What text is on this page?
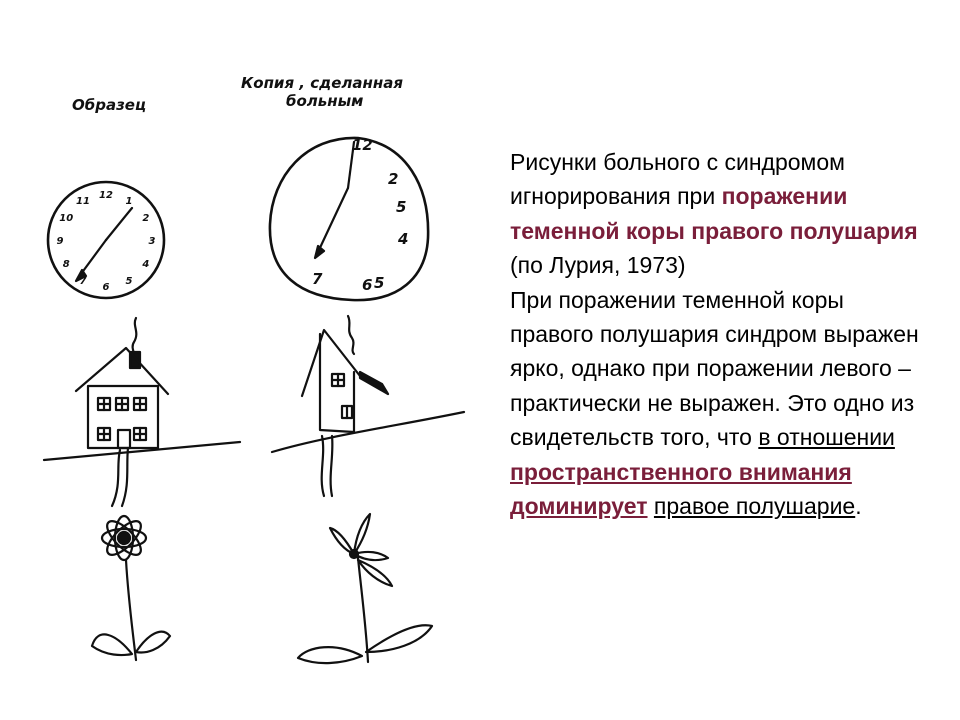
Образец
Копия , сделанная
больным
12
1
2
3
4
5
6
7
8
9
10
11
12
2
5
4
6 5
7
Рисунки больного с синдромом игнорирования при поражении теменной коры правого полушария (по Лурия, 1973)
При поражении теменной коры правого полушария синдром выражен ярко, однако при поражении левого – практически не выражен. Это одно из свидетельств того, что в отношении пространственного внимания доминирует правое полушарие.
